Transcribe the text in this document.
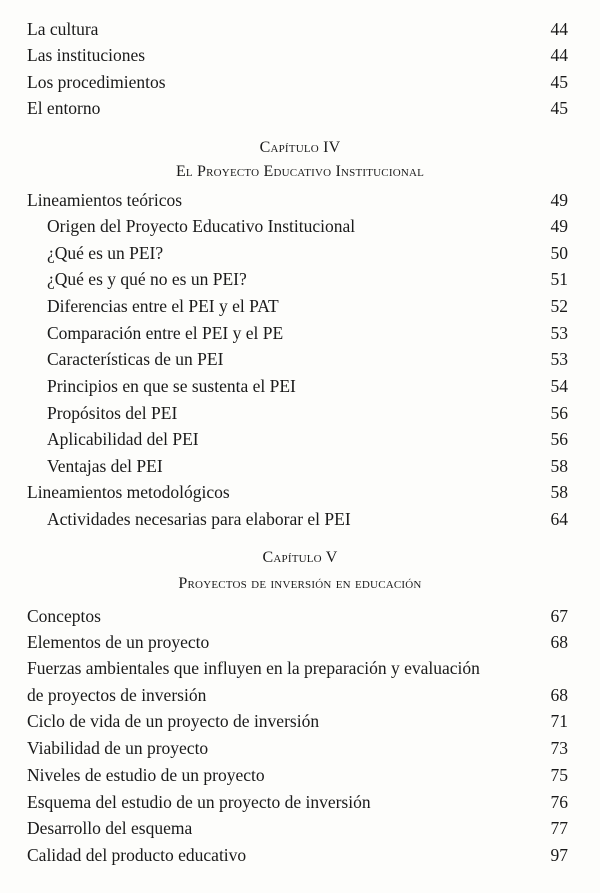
La cultura	44
Las instituciones	44
Los procedimientos	45
El entorno	45
Capítulo IV
El Proyecto Educativo Institucional
Lineamientos teóricos	49
Origen del Proyecto Educativo Institucional	49
¿Qué es un PEI?	50
¿Qué es y qué no es un PEI?	51
Diferencias entre el PEI y el PAT	52
Comparación entre el PEI y el PE	53
Características de un PEI	53
Principios en que se sustenta el PEI	54
Propósitos del PEI	56
Aplicabilidad del PEI	56
Ventajas del PEI	58
Lineamientos metodológicos	58
Actividades necesarias para elaborar el PEI	64
Capítulo V
Proyectos de inversión en educación
Conceptos	67
Elementos de un proyecto	68
Fuerzas ambientales que influyen en la preparación y evaluación de proyectos de inversión	68
Ciclo de vida de un proyecto de inversión	71
Viabilidad de un proyecto	73
Niveles de estudio de un proyecto	75
Esquema del estudio de un proyecto de inversión	76
Desarrollo del esquema	77
Calidad del producto educativo	97
